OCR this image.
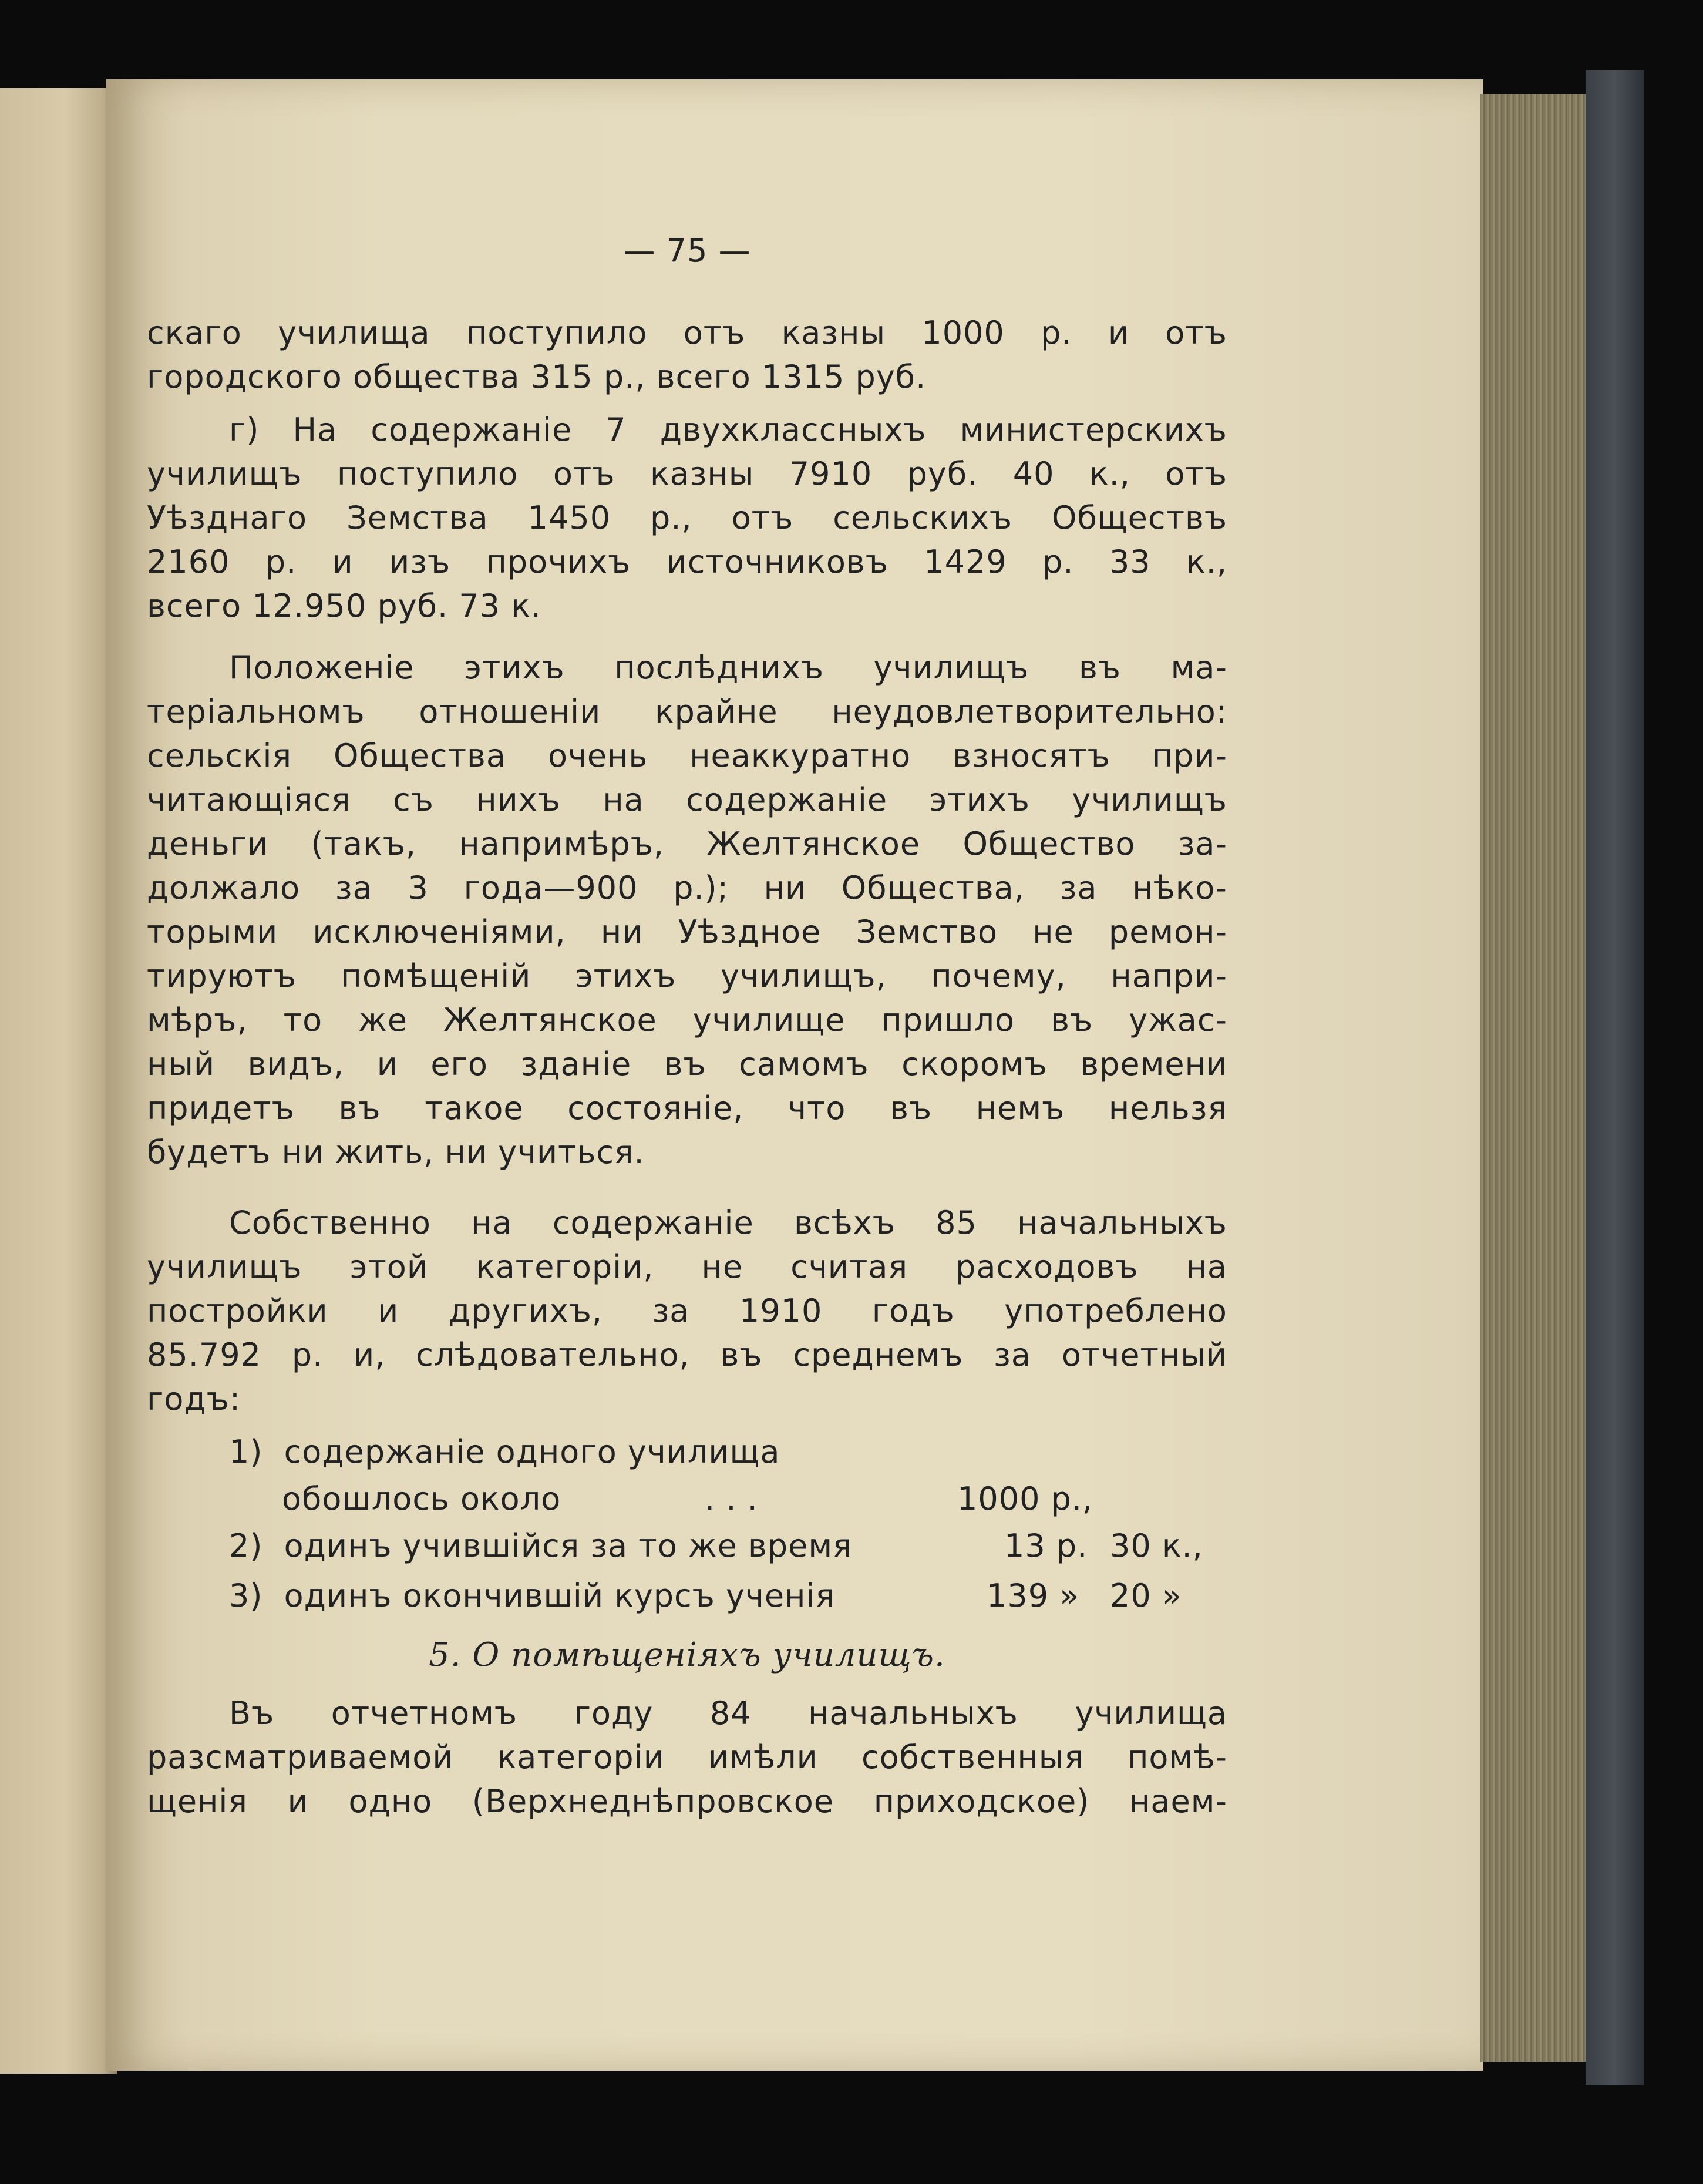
— 75 —
скаго училища поступило отъ казны 1000 р. и отъ
городского общества 315 р., всего 1315 руб.
г) На содержаніе 7 двухклассныхъ министерскихъ
училищъ поступило отъ казны 7910 руб. 40 к., отъ
Уѣзднаго Земства 1450 р., отъ сельскихъ Обществъ
2160 р. и изъ прочихъ источниковъ 1429 р. 33 к.,
всего 12.950 руб. 73 к.
Положеніе этихъ послѣднихъ училищъ въ ма-
теріальномъ отношеніи крайне неудовлетворительно:
сельскія Общества очень неаккуратно взносятъ при-
читающіяся съ нихъ на содержаніе этихъ училищъ
деньги (такъ, напримѣръ, Желтянское Общество за-
должало за 3 года—900 р.); ни Общества, за нѣко-
торыми исключеніями, ни Уѣздное Земство не ремон-
тируютъ помѣщеній этихъ училищъ, почему, напри-
мѣръ, то же Желтянское училище пришло въ ужас-
ный видъ, и его зданіе въ самомъ скоромъ времени
придетъ въ такое состояніе, что въ немъ нельзя
будетъ ни жить, ни учиться.
Собственно на содержаніе всѣхъ 85 начальныхъ
училищъ этой категоріи, не считая расходовъ на
постройки и другихъ, за 1910 годъ употреблено
85.792 р. и, слѣдовательно, въ среднемъ за отчетный
годъ:
1) содержаніе одного училища
обошлось около	. . .	1000 р.,
2) одинъ учившійся за то же время	13 р. 30 к.,
3) одинъ окончившій курсъ ученія	139 » 20 »
5. О помѣщеніяхъ училищъ.
Въ отчетномъ году 84 начальныхъ училища
разсматриваемой категоріи имѣли собственныя помѣ-
щенія и одно (Верхнеднѣпровское приходское) наем-
